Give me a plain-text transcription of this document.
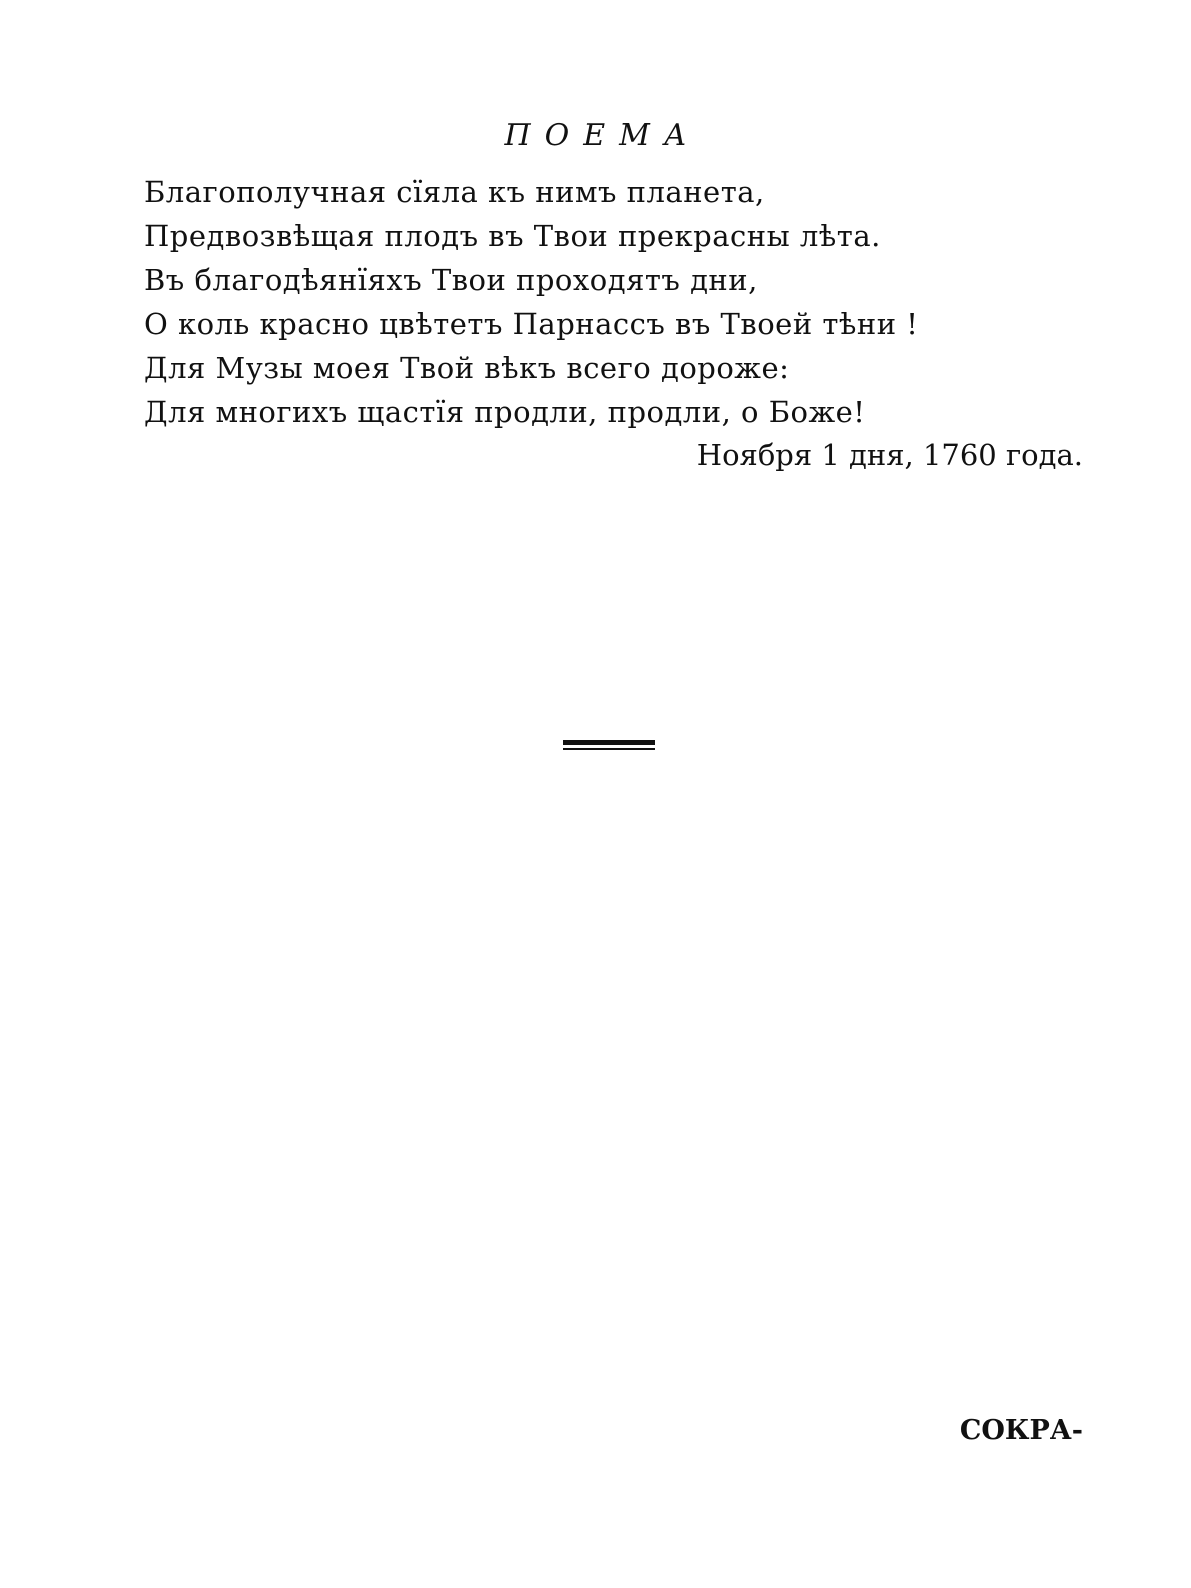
ПОЕМА
Благополучная сїяла къ нимъ планета,
Предвозвѣщая плодъ въ Твои прекрасны лѣта.
Въ благодѣянїяхъ Твои проходятъ дни,
О коль красно цвѣтетъ Парнассъ въ Твоей тѣни !
Для Музы моея Твой вѣкъ всего дороже:
Для многихъ щастїя продли, продли, о Боже!
Ноября 1 дня, 1760 года.
СОКРА-
